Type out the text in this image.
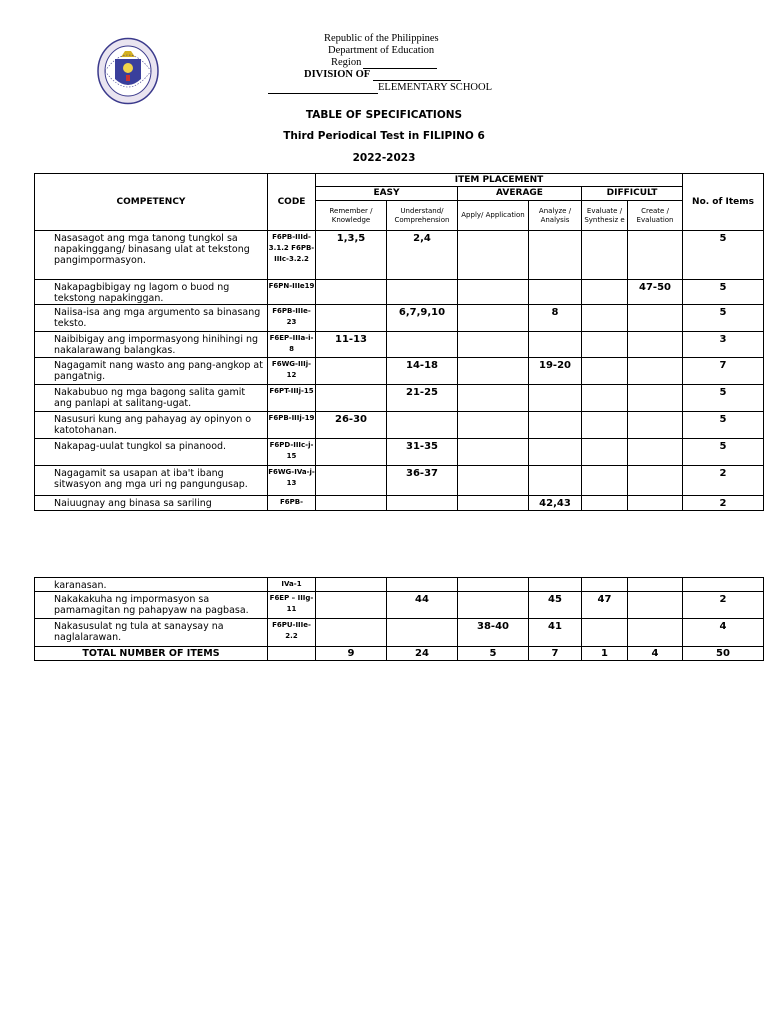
Republic of the Philippines
Department of Education
Region
DIVISION OF
ELEMENTARY SCHOOL
TABLE OF SPECIFICATIONS
Third Periodical Test in FILIPINO 6
2022-2023
COMPETENCY	CODE	ITEM PLACEMENT						No. of Items
		EASY		AVERAGE		DIFFICULT		
		Remember / Knowledge	Understand/ Comprehension	Apply/ Application	Analyze / Analysis	Evaluate / Synthesiz e	Create / Evaluation	
Nasasagot ang mga tanong tungkol sa napakinggang/ binasang ulat at tekstong pangimpormasyon.	F6PB-IIId-3.1.2 F6PB-IIIc-3.2.2	1,3,5	2,4					5
Nakapagbibigay ng lagom o buod ng tekstong napakinggan.	F6PN-IIIe19						47-50	5
Naiisa-isa ang mga argumento sa binasang teksto.	F6PB-IIIe-23		6,7,9,10		8			5
Naibibigay ang impormasyong hinihingi ng nakalarawang balangkas.	F6EP–IIIa-i-8	11-13						3
Nagagamit nang wasto ang pang-angkop at pangatnig.	F6WG-IIIj-12		14-18		19-20			7
Nakabubuo ng mga bagong salita gamit ang panlapi at salitang-ugat.	F6PT-IIIj-15		21-25					5
Nasusuri kung ang pahayag ay opinyon o katotohanan.	F6PB-IIIj-19	26-30						5
Nakapag-uulat tungkol sa pinanood.	F6PD-IIIc-j-15		31-35					5
Nagagamit sa usapan at iba't ibang sitwasyon ang mga uri ng pangungusap.	F6WG-IVa-j-13		36-37					2
Naiuugnay ang binasa sa sariling	F6PB-				42,43			2
karanasan.	IVa-1							
Nakakakuha ng impormasyon sa pamamagitan ng pahapyaw na pagbasa.	F6EP – IIIg-11		44		45	47		2
Nakasusulat ng tula at sanaysay na naglalarawan.	F6PU-IIIe-2.2			38-40	41			4
TOTAL NUMBER OF ITEMS		9	24	5	7	1	4	50
